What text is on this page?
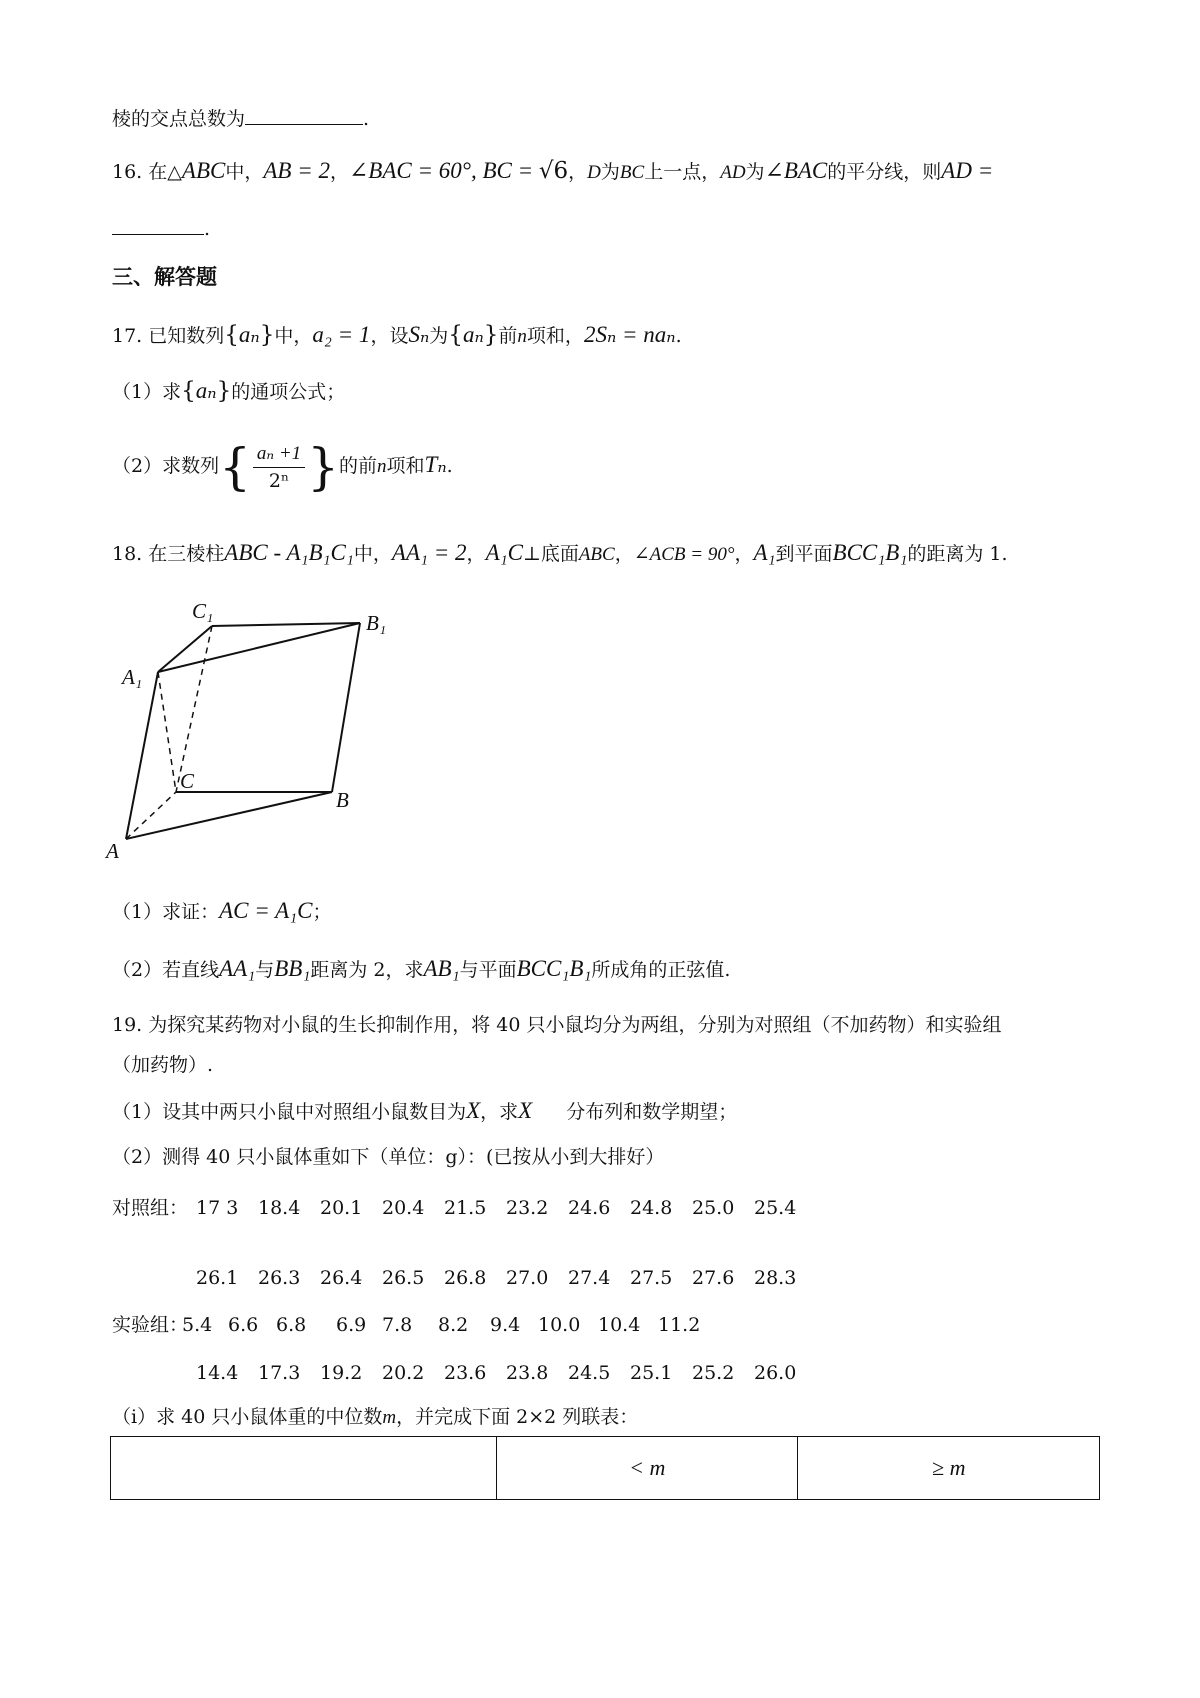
棱的交点总数为	.
16. 在△ABC中，AB = 2，∠BAC = 60°, BC = √6，D为BC上一点，AD为∠BAC的平分线，则AD =
.
三、解答题
17. 已知数列{aₙ}中，a₂ = 1，设Sₙ为{aₙ}前n项和，2Sₙ = naₙ.
（1）求{aₙ}的通项公式；
（2）求数列{ $\frac{\text{aₙ +1}}{\text{2ⁿ}}$ }的前n项和Tₙ.
18. 在三棱柱ABC - A₁B₁C₁中，AA₁ = 2，A₁C⊥底面ABC，∠ACB = 90°，A₁到平面BCC₁B₁的距离为 1.
C₁	B₁
A₁
C
B
A
（1）求证：AC = A₁C；
（2）若直线AA₁与BB₁距离为 2，求AB₁与平面BCC₁B₁所成角的正弦值.
19. 为探究某药物对小鼠的生长抑制作用，将 40 只小鼠均分为两组，分别为对照组（不加药物）和实验组
（加药物）.
（1）设其中两只小鼠中对照组小鼠数目为X，求X 分布列和数学期望；
（2）测得 40 只小鼠体重如下（单位：g）：(已按从小到大排好）
对照组： 17 3 18.4 20.1 20.4 21.5 23.2 24.6 24.8 25.0 25.4
26.1 26.3 26.4 26.5 26.8 27.0 27.4 27.5 27.6 28.3
实验组：
5.4 6.6 6.8 6.9 7.8 8.2 9.4 10.0 10.4 11.2
14.4 17.3 19.2 20.2 23.6 23.8 24.5 25.1 25.2 26.0
（i）求 40 只小鼠体重的中位数m，并完成下面 2×2 列联表：
	< m	≥ m
